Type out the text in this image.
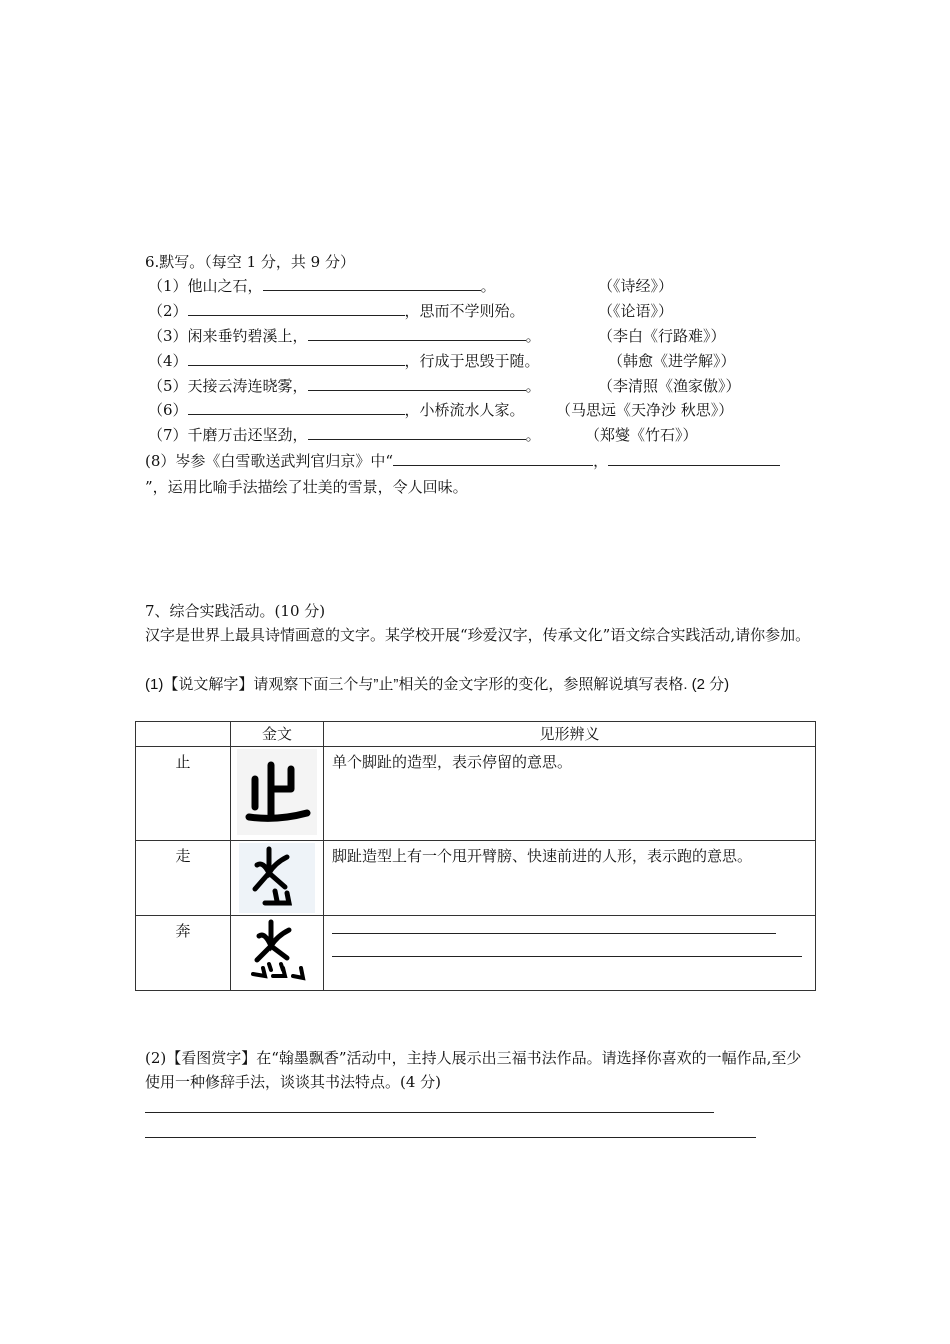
6.默写。（每空 1 分，共 9 分）
（1）他山之石，	。	（《诗经》）
（2）	，思而不学则殆。	（《论语》）
（3）闲来垂钓碧溪上，	。	（李白《行路难》）
（4）	，行成于思毁于随。	（韩愈《进学解》）
（5）天接云涛连晓雾，	。	（李清照《渔家傲》）
（6）	，小桥流水人家。 （马思远《天净沙 秋思》）
（7）千磨万击还坚劲，	。	（郑燮《竹石》）
(8）岑参《白雪歌送武判官归京》中“	，
”，运用比喻手法描绘了壮美的雪景，令人回味。
7、综合实践活动。(10 分)
汉字是世界上最具诗情画意的文字。某学校开展“珍爱汉字，传承文化”语文综合实践活动,请你参加。
(1)【说文解字】请观察下面三个与”止”相关的金文字形的变化，参照解说填写表格. (2 分)
	金文	见形辨义
止		单个脚趾的造型，表示停留的意思。
走		脚趾造型上有一个甩开臂膀、快速前进的人形，表示跑的意思。
奔	

(2)【看图赏字】在“翰墨飘香”活动中，主持人展示出三福书法作品。请选择你喜欢的一幅作品,至少使用一种修辞手法，谈谈其书法特点。(4 分)
